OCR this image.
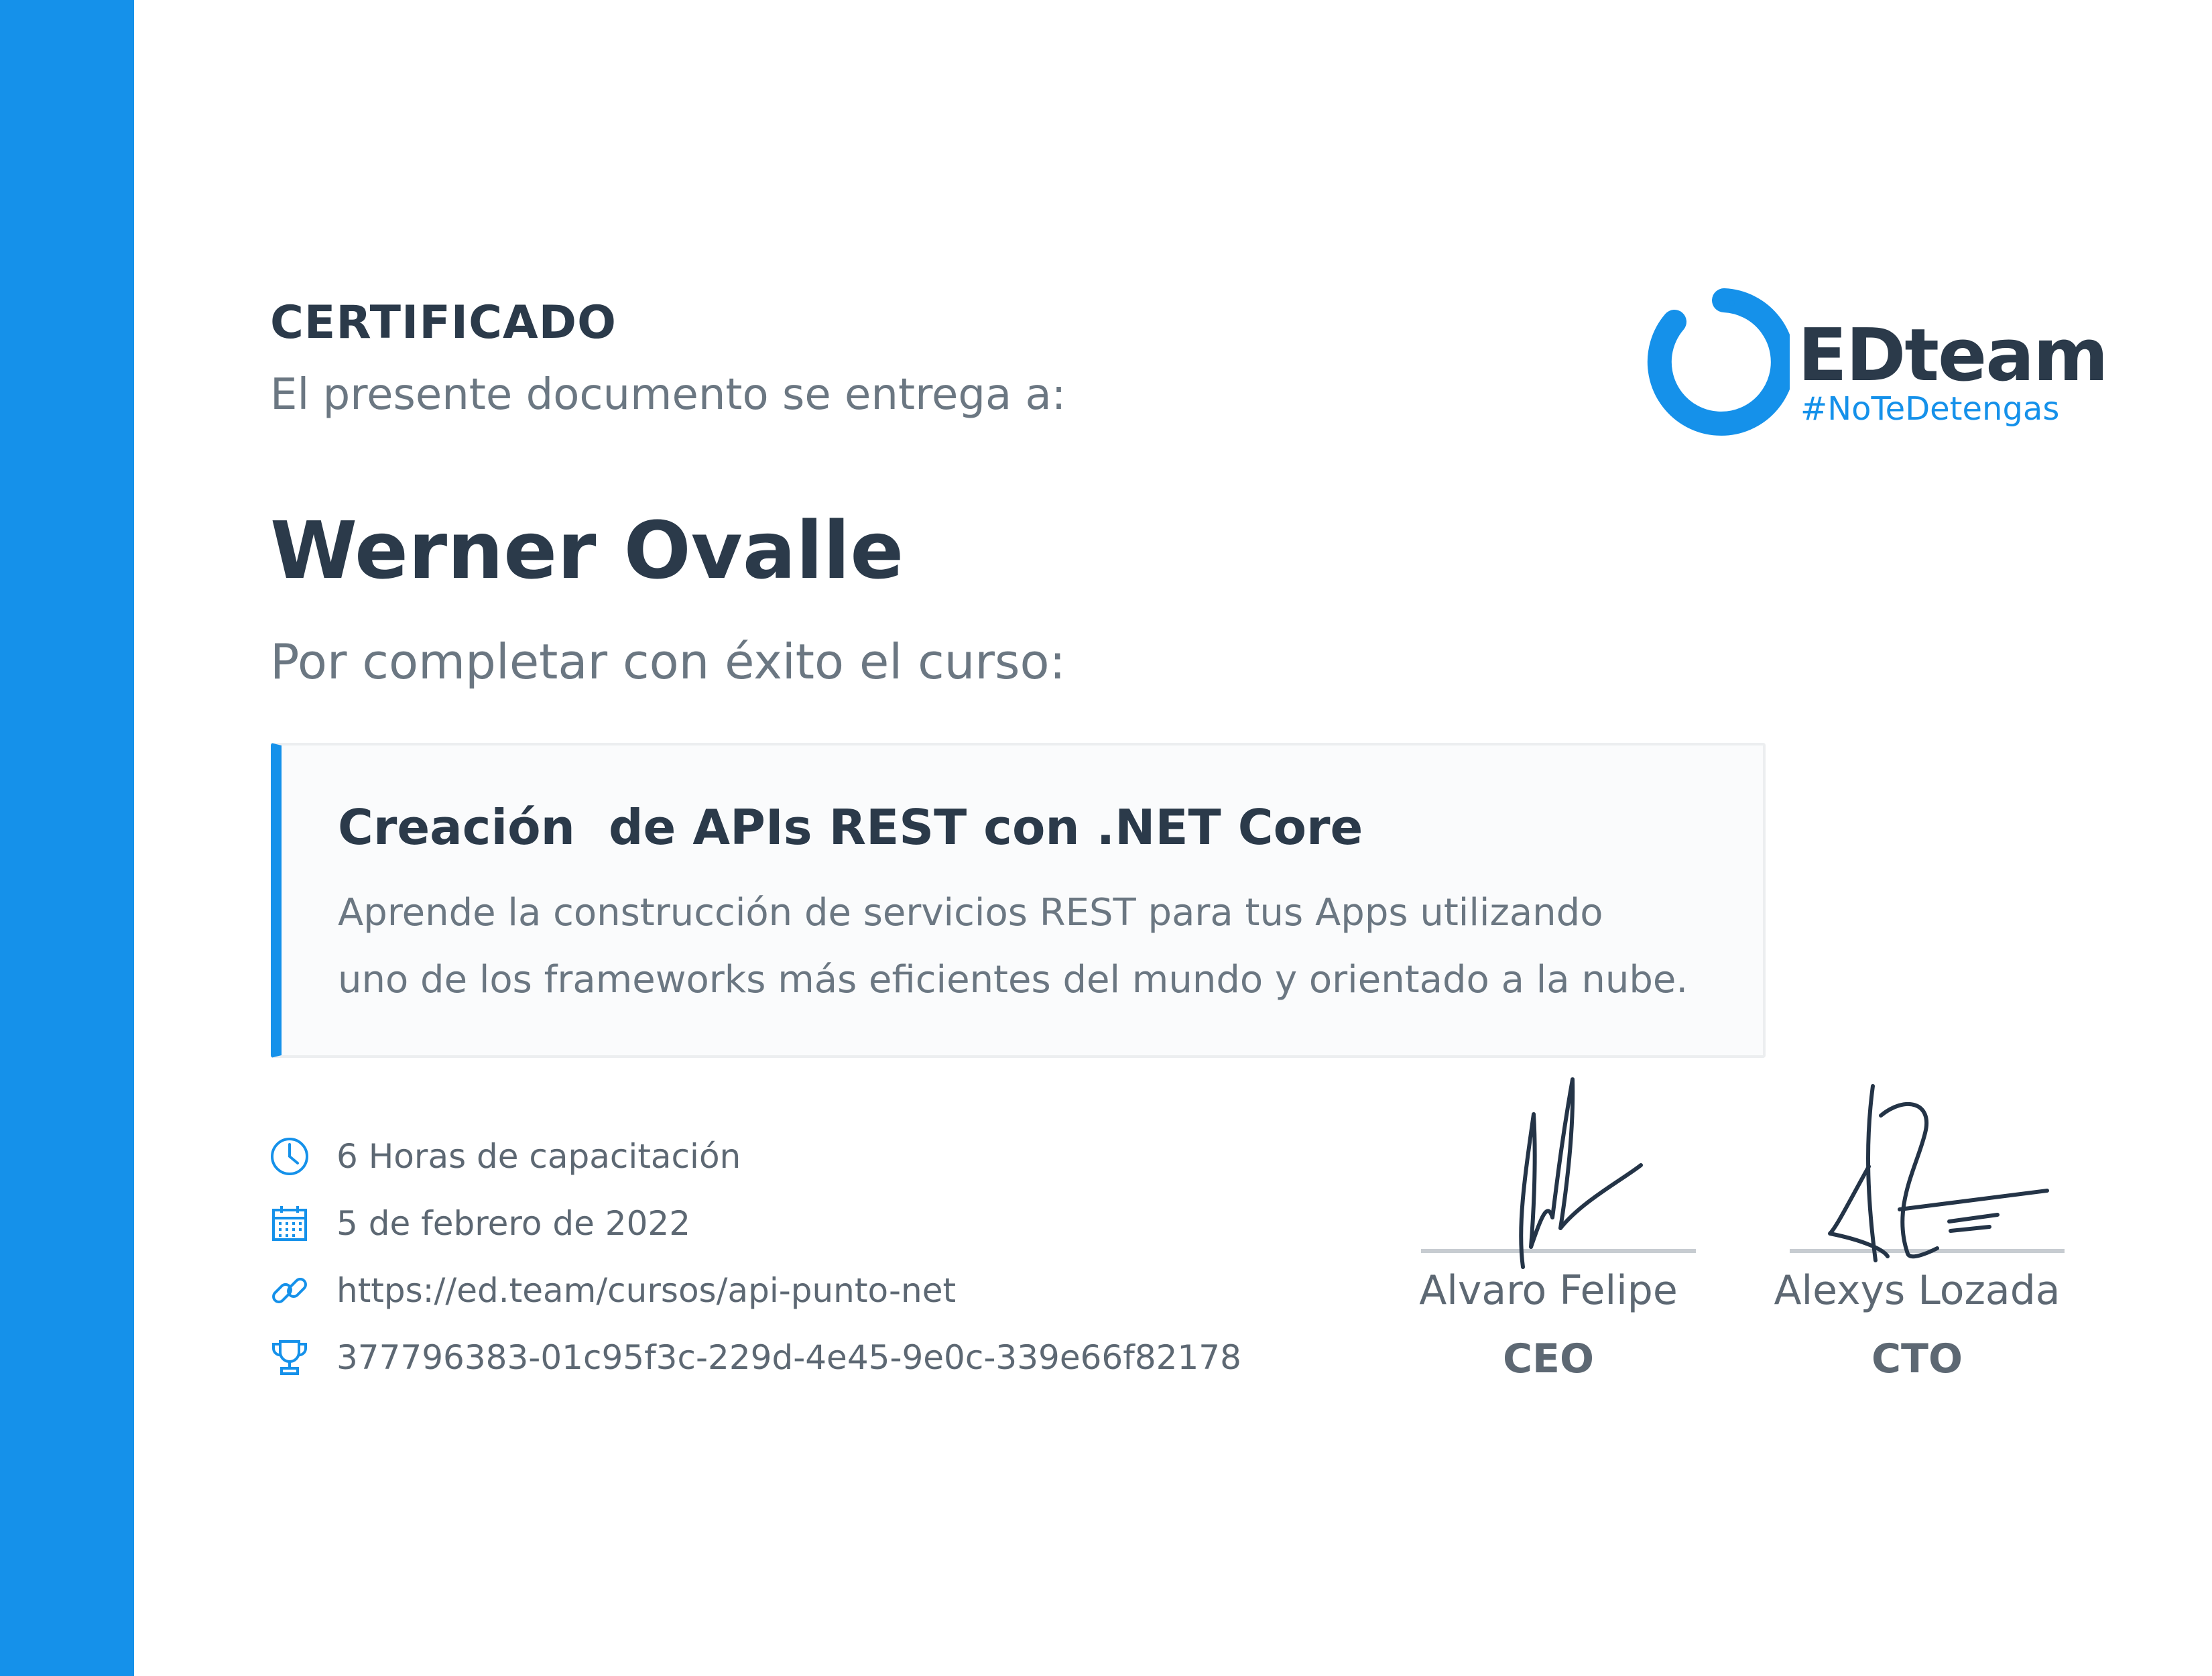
CERTIFICADO
El presente documento se entrega a:
Werner Ovalle
Por completar con éxito el curso:
EDteam
#NoTeDetengas
Creación  de APIs REST con .NET Core
Aprende la construcción de servicios REST para tus Apps utilizando
uno de los frameworks más eficientes del mundo y orientado a la nube.
6 Horas de capacitación
5 de febrero de 2022
https://ed.team/cursos/api-punto-net
377796383-01c95f3c-229d-4e45-9e0c-339e66f82178
Alvaro Felipe
CEO
Alexys Lozada
CTO
